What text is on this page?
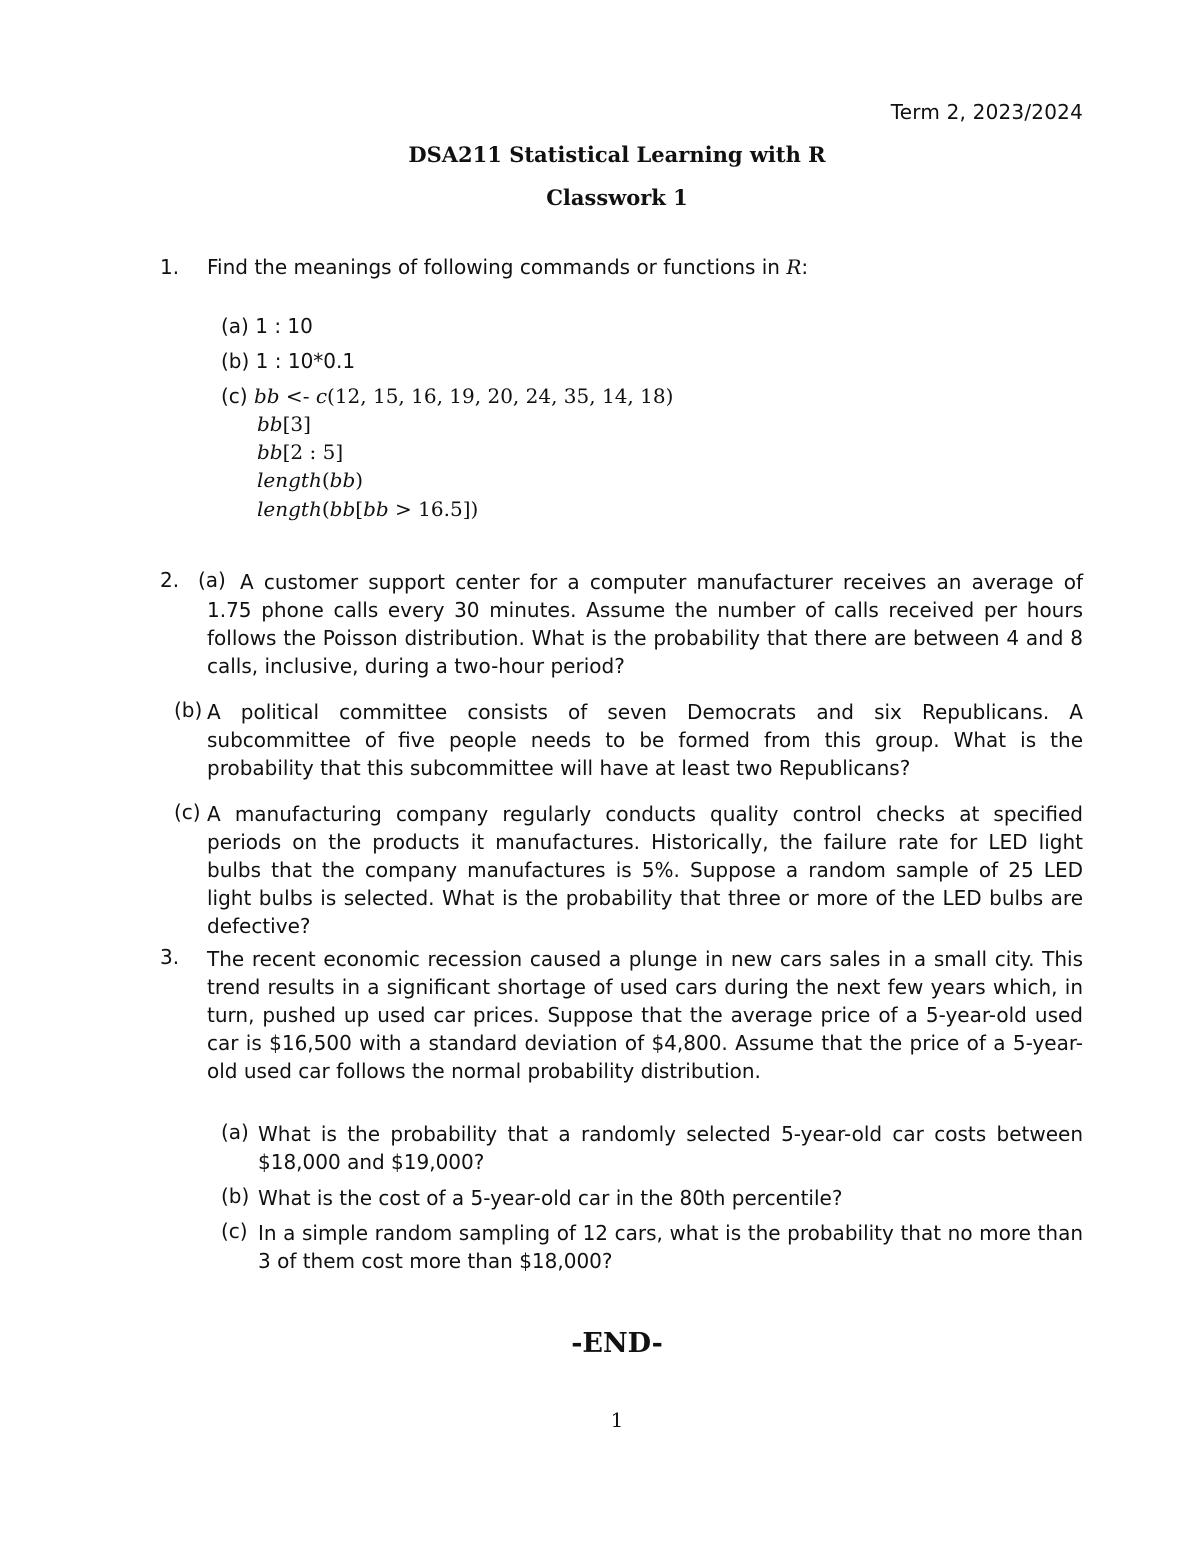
Term 2, 2023/2024
DSA211 Statistical Learning with R
Classwork 1
1. Find the meanings of following commands or functions in R:
(a) 1 : 10
(b) 1 : 10*0.1
(c) bb <- c(12, 15, 16, 19, 20, 24, 35, 14, 18)
bb[3]
bb[2 : 5]
length(bb)
length(bb[bb > 16.5])
2. (a) A customer support center for a computer manufacturer receives an average of 1.75 phone calls every 30 minutes. Assume the number of calls received per hours follows the Poisson distribution. What is the probability that there are between 4 and 8 calls, inclusive, during a two-hour period?
(b) A political committee consists of seven Democrats and six Republicans. A subcommittee of five people needs to be formed from this group. What is the probability that this subcommittee will have at least two Republicans?
(c) A manufacturing company regularly conducts quality control checks at specified periods on the products it manufactures. Historically, the failure rate for LED light bulbs that the company manufactures is 5%. Suppose a random sample of 25 LED light bulbs is selected. What is the probability that three or more of the LED bulbs are defective?
3. The recent economic recession caused a plunge in new cars sales in a small city. This trend results in a significant shortage of used cars during the next few years which, in turn, pushed up used car prices. Suppose that the average price of a 5-year-old used car is $16,500 with a standard deviation of $4,800. Assume that the price of a 5-year-old used car follows the normal probability distribution.
(a) What is the probability that a randomly selected 5-year-old car costs between $18,000 and $19,000?
(b) What is the cost of a 5-year-old car in the 80th percentile?
(c) In a simple random sampling of 12 cars, what is the probability that no more than 3 of them cost more than $18,000?
-END-
1
